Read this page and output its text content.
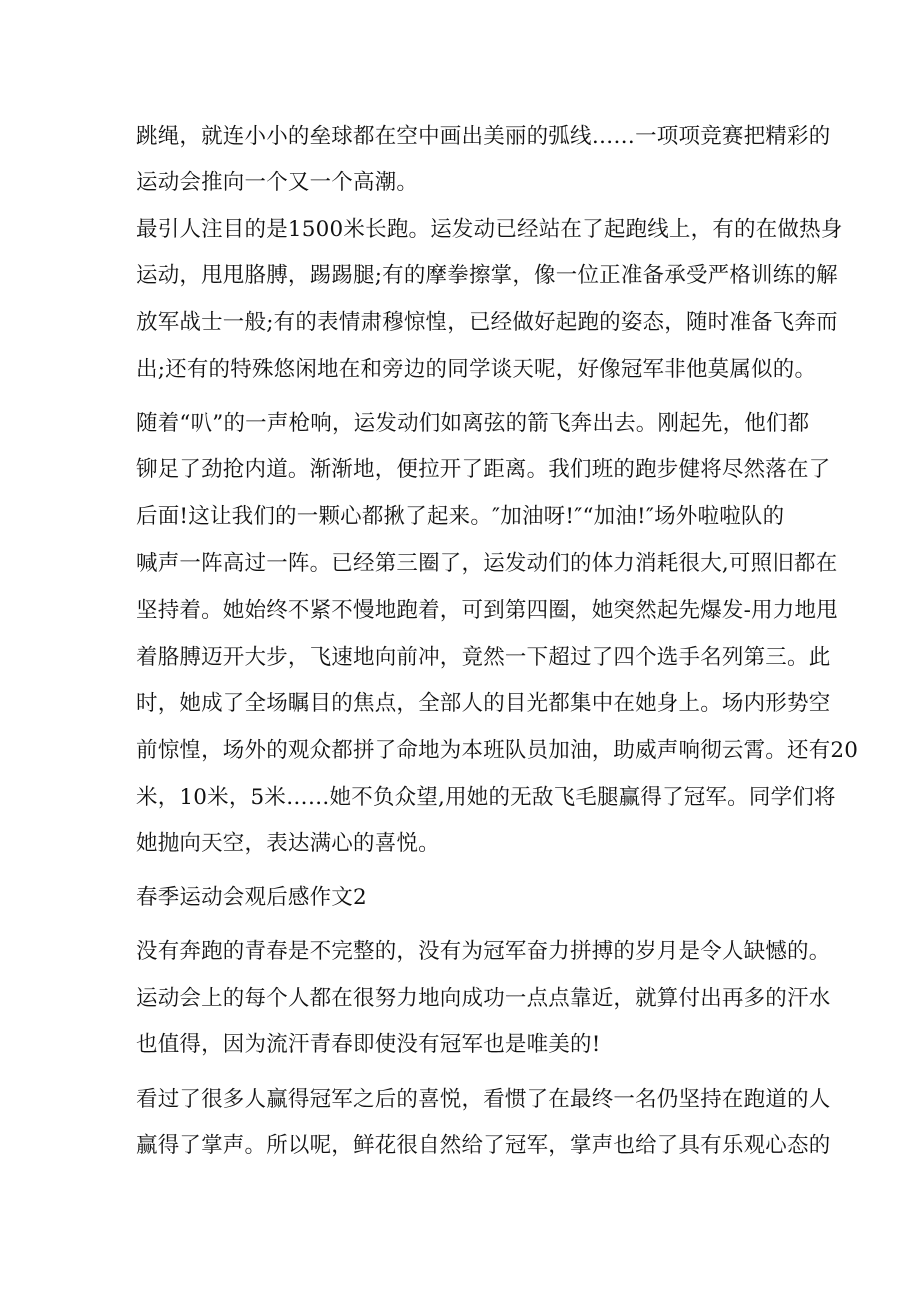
跳绳，就连小小的垒球都在空中画出美丽的弧线……一项项竞赛把精彩的
运动会推向一个又一个高潮。
最引人注目的是1500米长跑。运发动已经站在了起跑线上，有的在做热身
运动，甩甩胳膊，踢踢腿;有的摩拳擦掌，像一位正准备承受严格训练的解
放军战士一般;有的表情肃穆惊惶，已经做好起跑的姿态，随时准备飞奔而
出;还有的特殊悠闲地在和旁边的同学谈天呢，好像冠军非他莫属似的。
随着“叭”的一声枪响，运发动们如离弦的箭飞奔出去。刚起先，他们都
铆足了劲抢内道。渐渐地，便拉开了距离。我们班的跑步健将尽然落在了
后面!这让我们的一颗心都揪了起来。″加油呀!″“加油!″场外啦啦队的
喊声一阵高过一阵。已经第三圈了，运发动们的体力消耗很大,可照旧都在
坚持着。她始终不紧不慢地跑着，可到第四圈，她突然起先爆发-用力地甩
着胳膊迈开大步，飞速地向前冲，竟然一下超过了四个选手名列第三。此
时，她成了全场瞩目的焦点，全部人的目光都集中在她身上。场内形势空
前惊惶，场外的观众都拼了命地为本班队员加油，助威声响彻云霄。还有20
米，10米，5米……她不负众望,用她的无敌飞毛腿赢得了冠军。同学们将
她抛向天空，表达满心的喜悦。
春季运动会观后感作文2
没有奔跑的青春是不完整的，没有为冠军奋力拼搏的岁月是令人缺憾的。
运动会上的每个人都在很努力地向成功一点点靠近，就算付出再多的汗水
也值得，因为流汗青春即使没有冠军也是唯美的!
看过了很多人赢得冠军之后的喜悦，看惯了在最终一名仍坚持在跑道的人
赢得了掌声。所以呢，鲜花很自然给了冠军，掌声也给了具有乐观心态的
